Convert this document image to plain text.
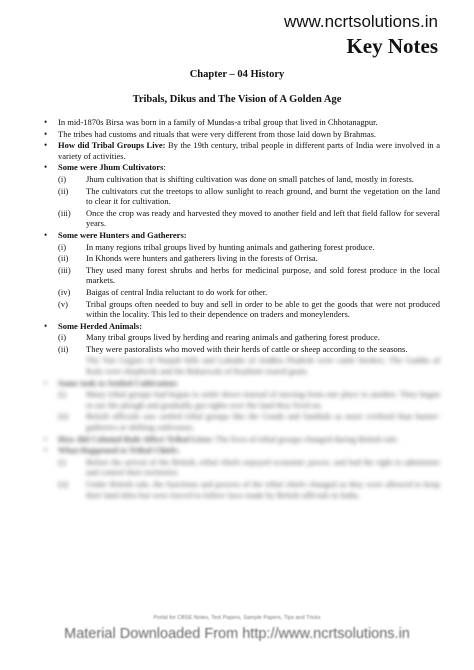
www.ncrtsolutions.in
Key Notes
Chapter – 04 History
Tribals, Dikus and The Vision of A Golden Age
• In mid-1870s Birsa was born in a family of Mundas-a tribal group that lived in Chhotanagpur.
• The tribes had customs and rituals that were very different from those laid down by Brahmas.
• How did Tribal Groups Live: By the 19th century, tribal people in different parts of India were involved in a variety of activities.
• Some were Jhum Cultivators:
(i) Jhum cultivation that is shifting cultivation was done on small patches of land, mostly in forests.
(ii) The cultivators cut the treetops to allow sunlight to reach ground, and burnt the vegetation on the land to clear it for cultivation.
(iii) Once the crop was ready and harvested they moved to another field and left that field fallow for several years.
• Some were Hunters and Gatherers:
(i) In many regions tribal groups lived by hunting animals and gathering forest produce.
(ii) In Khonds were hunters and gatherers living in the forests of Orrisa.
(iii) They used many forest shrubs and herbs for medicinal purpose, and sold forest produce in the local markets.
(iv) Baigas of central India reluctant to do work for other.
(v) Tribal groups often needed to buy and sell in order to be able to get the goods that were not produced within the locality. This led to their dependence on traders and moneylenders.
• Some Herded Animals:
(i) Many tribal groups lived by herding and rearing animals and gathering forest produce.
(ii) They were pastoralists who moved with their herds of cattle or sheep according to the seasons.
The Van Gujjars of Punjab hills and Labadis of Andhra Pradesh were cattle herders. The Gaddis of Kulu were shepherds and the Bakarwals of Kashmir reared goats.
• Some took to Settled Cultivation:
(i) Many tribal groups had begun to settle down instead of moving from one place to another. They began to use the plough and gradually got rights over the land they lived on.
(ii) British officials saw settled tribal groups like the Gonds and Santhals as more civilised than hunter-gatherers or shifting cultivators.
• How did Colonial Rule Affect Tribal Lives: The lives of tribal groups changed during British rule.
• What Happened to Tribal Chiefs:
(i) Before the arrival of the British, tribal chiefs enjoyed economic power, and had the right to administer and control their territories.
(ii) Under British rule, the functions and powers of the tribal chiefs changed as they were allowed to keep their land titles but were forced to follow laws made by British officials in India.
Portal for CBSE Notes, Test Papers, Sample Papers, Tips and Tricks
Material Downloaded From http://www.ncrtsolutions.in
